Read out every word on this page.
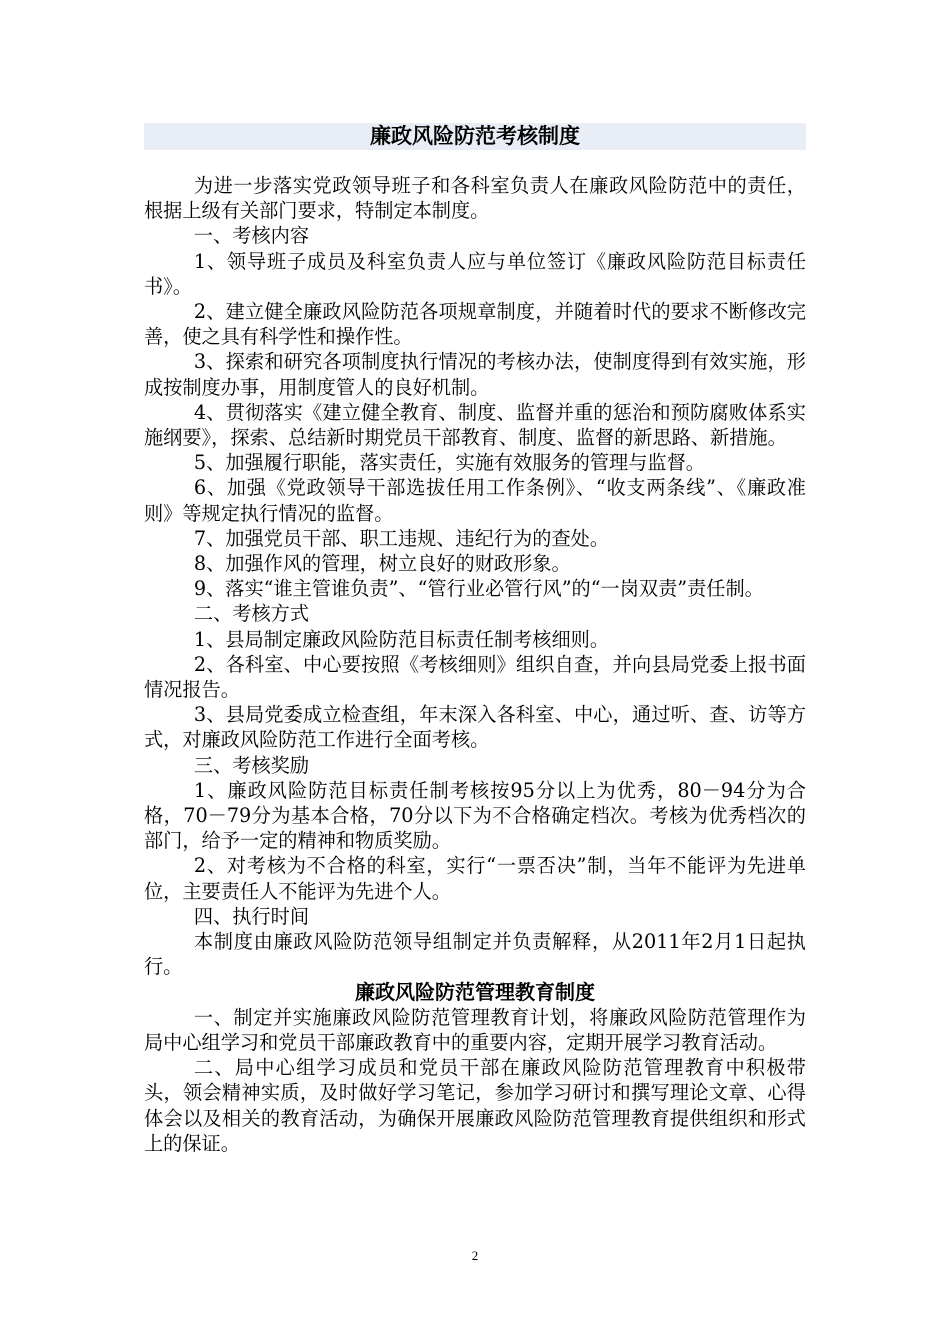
廉政风险防范考核制度

为进一步落实党政领导班子和各科室负责人在廉政风险防范中的责任，根据上级有关部门要求，特制定本制度。

一、考核内容

1、领导班子成员及科室负责人应与单位签订《廉政风险防范目标责任书》。

2、建立健全廉政风险防范各项规章制度，并随着时代的要求不断修改完善，使之具有科学性和操作性。

3、探索和研究各项制度执行情况的考核办法，使制度得到有效实施，形成按制度办事，用制度管人的良好机制。

4、贯彻落实《建立健全教育、制度、监督并重的惩治和预防腐败体系实施纲要》，探索、总结新时期党员干部教育、制度、监督的新思路、新措施。

5、加强履行职能，落实责任，实施有效服务的管理与监督。

6、加强《党政领导干部选拔任用工作条例》、“收支两条线”、《廉政准则》等规定执行情况的监督。

7、加强党员干部、职工违规、违纪行为的查处。

8、加强作风的管理，树立良好的财政形象。

9、落实“谁主管谁负责”、“管行业必管行风”的“一岗双责”责任制。

二、考核方式

1、县局制定廉政风险防范目标责任制考核细则。

2、各科室、中心要按照《考核细则》组织自查，并向县局党委上报书面情况报告。

3、县局党委成立检查组，年末深入各科室、中心，通过听、查、访等方式，对廉政风险防范工作进行全面考核。

三、考核奖励

1、廉政风险防范目标责任制考核按95分以上为优秀，80－94分为合格，70－79分为基本合格，70分以下为不合格确定档次。考核为优秀档次的部门，给予一定的精神和物质奖励。

2、对考核为不合格的科室，实行“一票否决”制，当年不能评为先进单位，主要责任人不能评为先进个人。

四、执行时间

本制度由廉政风险防范领导组制定并负责解释，从2011年2月1日起执行。

廉政风险防范管理教育制度

一、制定并实施廉政风险防范管理教育计划，将廉政风险防范管理作为局中心组学习和党员干部廉政教育中的重要内容，定期开展学习教育活动。

二、局中心组学习成员和党员干部在廉政风险防范管理教育中积极带头，领会精神实质，及时做好学习笔记，参加学习研讨和撰写理论文章、心得体会以及相关的教育活动，为确保开展廉政风险防范管理教育提供组织和形式上的保证。

2
